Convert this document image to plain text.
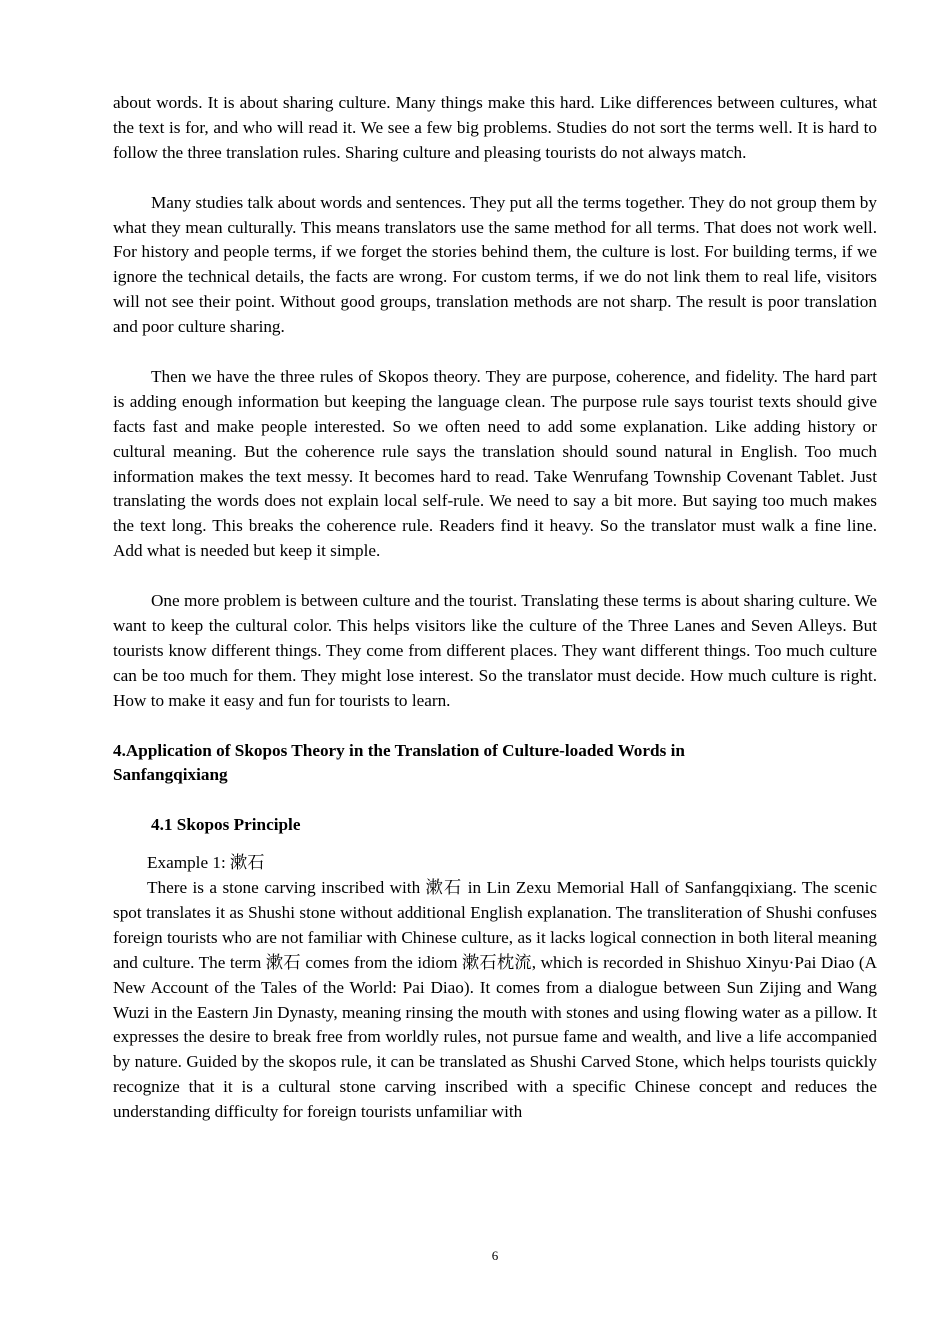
about words. It is about sharing culture. Many things make this hard. Like differences between cultures, what the text is for, and who will read it. We see a few big problems. Studies do not sort the terms well. It is hard to follow the three translation rules. Sharing culture and pleasing tourists do not always match.

Many studies talk about words and sentences. They put all the terms together. They do not group them by what they mean culturally. This means translators use the same method for all terms. That does not work well. For history and people terms, if we forget the stories behind them, the culture is lost. For building terms, if we ignore the technical details, the facts are wrong. For custom terms, if we do not link them to real life, visitors will not see their point. Without good groups, translation methods are not sharp. The result is poor translation and poor culture sharing.

Then we have the three rules of Skopos theory. They are purpose, coherence, and fidelity. The hard part is adding enough information but keeping the language clean. The purpose rule says tourist texts should give facts fast and make people interested. So we often need to add some explanation. Like adding history or cultural meaning. But the coherence rule says the translation should sound natural in English. Too much information makes the text messy. It becomes hard to read. Take Wenrufang Township Covenant Tablet. Just translating the words does not explain local self-rule. We need to say a bit more. But saying too much makes the text long. This breaks the coherence rule. Readers find it heavy. So the translator must walk a fine line. Add what is needed but keep it simple.

One more problem is between culture and the tourist. Translating these terms is about sharing culture. We want to keep the cultural color. This helps visitors like the culture of the Three Lanes and Seven Alleys. But tourists know different things. They come from different places. They want different things. Too much culture can be too much for them. They might lose interest. So the translator must decide. How much culture is right. How to make it easy and fun for tourists to learn.

4.Application of Skopos Theory in the Translation of Culture-loaded Words in
Sanfangqixiang

4.1 Skopos Principle

Example 1: 漱石

There is a stone carving inscribed with 漱石 in Lin Zexu Memorial Hall of Sanfangqixiang. The scenic spot translates it as Shushi stone without additional English explanation. The transliteration of Shushi confuses foreign tourists who are not familiar with Chinese culture, as it lacks logical connection in both literal meaning and culture. The term 漱石 comes from the idiom 漱石枕流, which is recorded in Shishuo Xinyu·Pai Diao (A New Account of the Tales of the World: Pai Diao). It comes from a dialogue between Sun Zijing and Wang Wuzi in the Eastern Jin Dynasty, meaning rinsing the mouth with stones and using flowing water as a pillow. It expresses the desire to break free from worldly rules, not pursue fame and wealth, and live a life accompanied by nature. Guided by the skopos rule, it can be translated as Shushi Carved Stone, which helps tourists quickly recognize that it is a cultural stone carving inscribed with a specific Chinese concept and reduces the understanding difficulty for foreign tourists unfamiliar with

6
